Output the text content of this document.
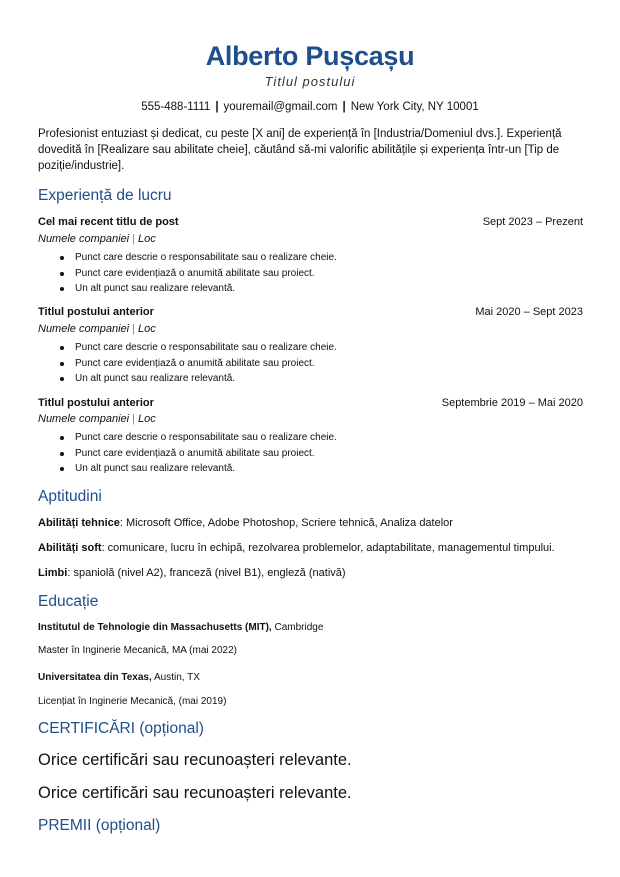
Alberto Pușcașu
Titlul postului
555-488-1111 | youremail@gmail.com | New York City, NY 10001
Profesionist entuziast și dedicat, cu peste [X ani] de experiență în [Industria/Domeniul dvs.]. Experiență dovedită în [Realizare sau abilitate cheie], căutând să-mi valorific abilitățile și experiența într-un [Tip de poziție/industrie].
Experiență de lucru
Cel mai recent titlu de post	Sept 2023 – Prezent
Numele companiei | Loc
Punct care descrie o responsabilitate sau o realizare cheie.
Punct care evidențiază o anumită abilitate sau proiect.
Un alt punct sau realizare relevantă.
Titlul postului anterior	Mai 2020 – Sept 2023
Numele companiei | Loc
Punct care descrie o responsabilitate sau o realizare cheie.
Punct care evidențiază o anumită abilitate sau proiect.
Un alt punct sau realizare relevantă.
Titlul postului anterior	Septembrie 2019 – Mai 2020
Numele companiei | Loc
Punct care descrie o responsabilitate sau o realizare cheie.
Punct care evidențiază o anumită abilitate sau proiect.
Un alt punct sau realizare relevantă.
Aptitudini
Abilități tehnice: Microsoft Office, Adobe Photoshop, Scriere tehnică, Analiza datelor
Abilități soft: comunicare, lucru în echipă, rezolvarea problemelor, adaptabilitate, managementul timpului.
Limbi: spaniolă (nivel A2), franceză (nivel B1), engleză (nativă)
Educație
Institutul de Tehnologie din Massachusetts (MIT), Cambridge
Master în Inginerie Mecanică, MA (mai 2022)
Universitatea din Texas, Austin, TX
Licențiat în Inginerie Mecanică, (mai 2019)
CERTIFICĂRI (opțional)
Orice certificări sau recunoașteri relevante.
Orice certificări sau recunoașteri relevante.
PREMII (opțional)
